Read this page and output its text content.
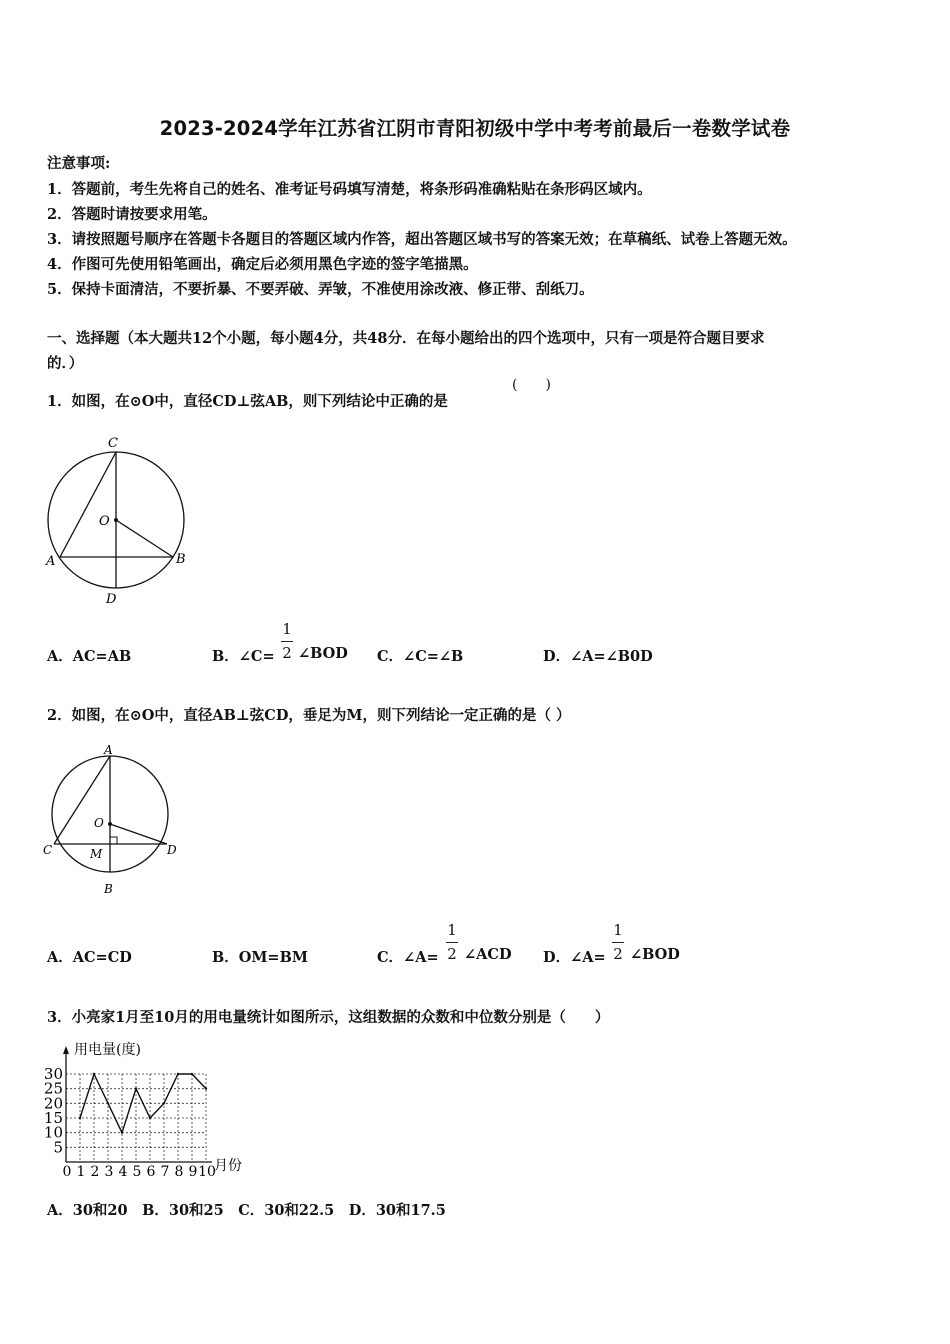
2023-2024学年江苏省江阴市青阳初级中学中考考前最后一卷数学试卷
注意事项:
1．答题前，考生先将自己的姓名、准考证号码填写清楚，将条形码准确粘贴在条形码区域内。
2．答题时请按要求用笔。
3．请按照题号顺序在答题卡各题目的答题区域内作答，超出答题区域书写的答案无效；在草稿纸、试卷上答题无效。
4．作图可先使用铅笔画出，确定后必须用黑色字迹的签字笔描黑。
5．保持卡面清洁，不要折暴、不要弄破、弄皱，不准使用涂改液、修正带、刮纸刀。
一、选择题（本大题共12个小题，每小题4分，共48分．在每小题给出的四个选项中，只有一项是符合题目要求
的．）
1．如图，在⊙O中，直径CD⊥弦AB，则下列结论中正确的是
(　　)
C
O
A	B
D
A．AC=AB	B．∠C=
1
2 ∠BOD C．∠C=∠B	D．∠A=∠B0D
2．如图，在⊙O中，直径AB⊥弦CD，垂足为M，则下列结论一定正确的是（ ）
A
O
C	M	D
B
A．AC=CD	B．OM=BM	C．∠A=
1
2 ∠ACD D．∠A=
1
2 ∠BOD
3．小亮家1月至10月的用电量统计如图所示，这组数据的众数和中位数分别是（　　）
用电量(度)
月份
5
10
15
20
25
30
0 1 2 3 4 5 6 7 8 9 10
A．30和20　B．30和25　C．30和22.5　D．30和17.5
